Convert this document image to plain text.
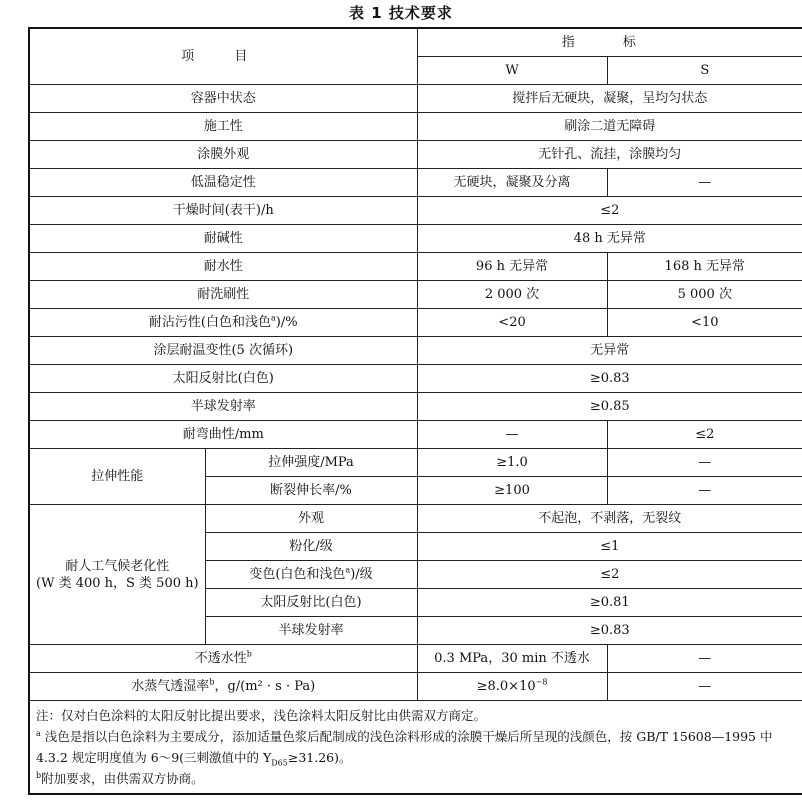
表 1 技术要求
项 目		指 标	
		W	S
容器中状态		搅拌后无硬块，凝聚，呈均匀状态	
施工性		刷涂二道无障碍	
涂膜外观		无针孔、流挂，涂膜均匀	
低温稳定性		无硬块，凝聚及分离	—
干燥时间(表干)/h		≤2	
耐碱性		48 h 无异常	
耐水性		96 h 无异常	168 h 无异常
耐洗刷性		2 000 次	5 000 次
耐沾污性(白色和浅色$^a$)/%		<20	<10
涂层耐温变性(5 次循环)		无异常	
太阳反射比(白色)		≥0.83	
半球发射率		≥0.85	
耐弯曲性/mm		—	≤2
拉伸性能	拉伸强度/MPa	≥1.0	—
	断裂伸长率/%	≥100	—

耐人工气候老化性
(W 类 400 h，S 类 500 h)	外观	不起泡，不剥落，无裂纹	
	粉化/级	≤1	
	变色(白色和浅色$^a$)/级	≤2	
	太阳反射比(白色)	≥0.81	
	半球发射率	≥0.83	
不透水性$^b$		0.3 MPa，30 min 不透水	—
水蒸气透湿率$^b$，g/(m² · s · Pa)		$\ge 8.0\times 10^{-8}$	—

注：仅对白色涂料的太阳反射比提出要求，浅色涂料太阳反射比由供需双方商定。
$^a$ 浅色是指以白色涂料为主要成分，添加适量色浆后配制成的浅色涂料形成的涂膜干燥后所呈现的浅颜色，按 GB/T 15608—1995 中 4.3.2 规定明度值为 6～9(三刺激值中的 $Y_{D65}\ge 31.26$)。
$^b$附加要求，由供需双方协商。			
